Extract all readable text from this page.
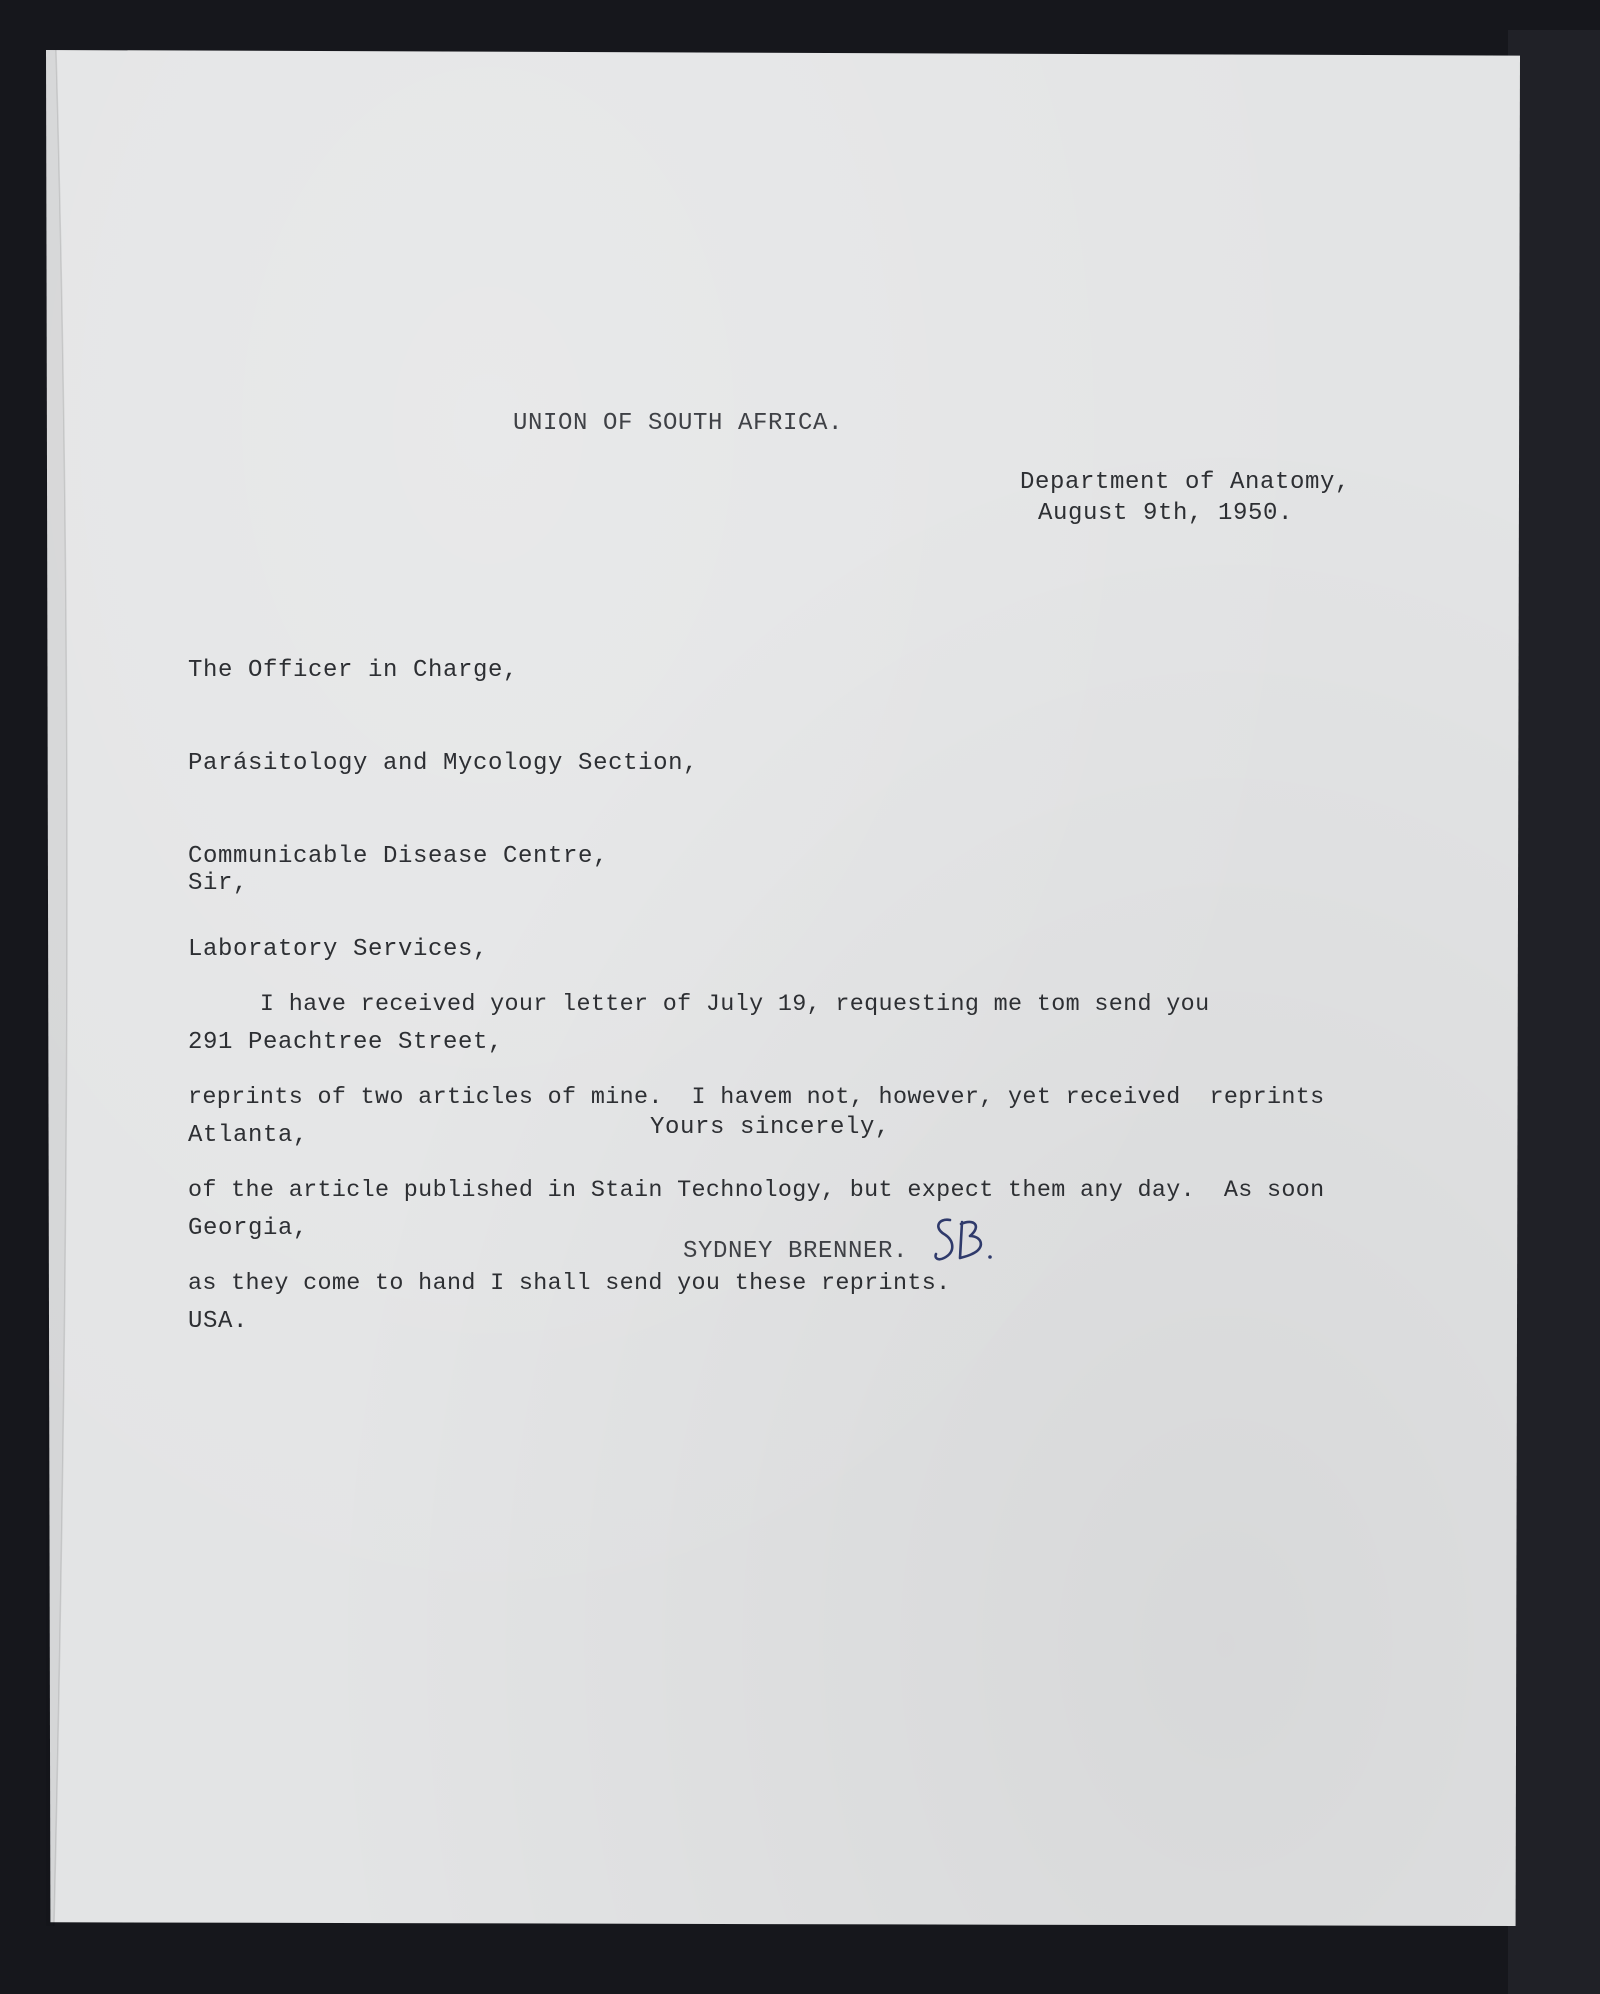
UNION OF SOUTH AFRICA.
Department of Anatomy,
August 9th, 1950.

The Officer in Charge,

Parásitology and Mycology Section,

Communicable Disease Centre,

Laboratory Services,

291 Peachtree Street,

Atlanta,

Georgia,

USA.

Sir,

I have received your letter of July 19, requesting me tom send you

reprints of two articles of mine.  I havem not, however, yet received  reprints

of the article published in Stain Technology, but expect them any day.  As soon

as they come to hand I shall send you these reprints.

Yours sincerely,
SYDNEY BRENNER.
